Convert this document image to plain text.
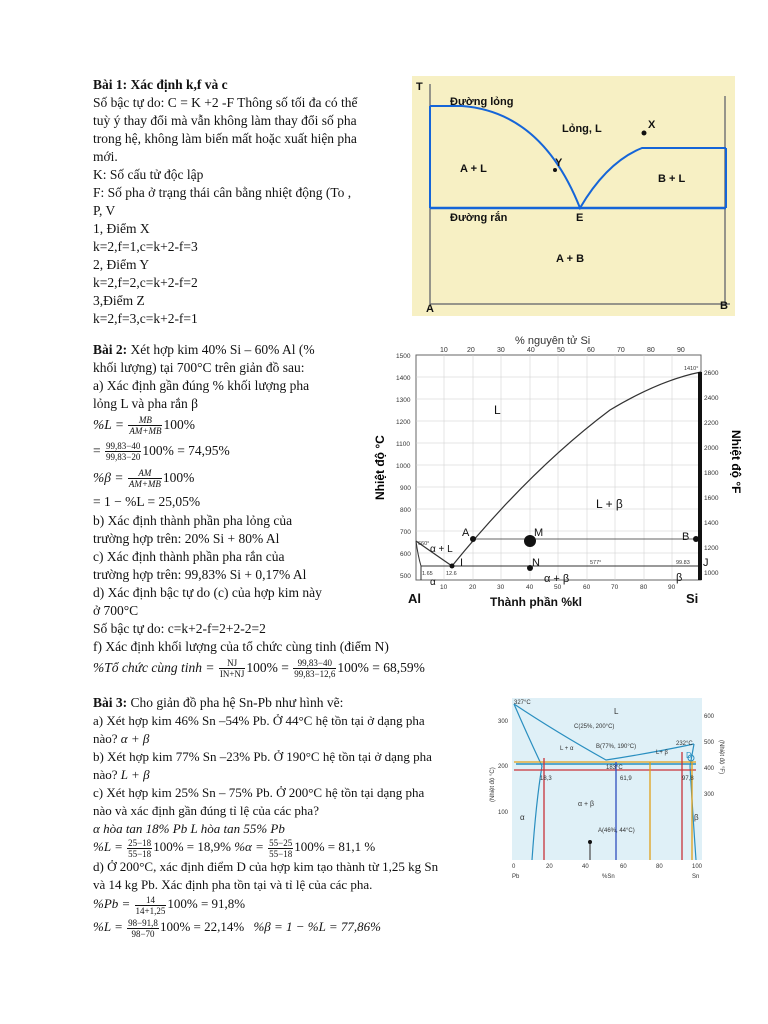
Bài 1: Xác định k,f và c
Số bậc tự do: C = K +2 -F Thông số tối đa có thể
tuỳ ý thay đổi mà vẫn không làm thay đổi số pha
trong hệ, không làm biến mất hoặc xuất hiện pha
mới.
K: Số cấu tử độc lập
F: Số pha ở trạng thái cân bằng nhiệt động (To ,
P, V
1, Điểm X
k=2,f=1,c=k+2-f=3
2, Điểm Y
k=2,f=2,c=k+2-f=2
3,Điểm Z
k=2,f=3,c=k+2-f=1
T
Đường lỏng
Lỏng, L	X
Y
A + L
B + L
Đường rắn	E
A + B
A	B
Bài 2: Xét hợp kim 40% Si – 60% Al (%
khối lượng) tại 700°C trên giản đồ sau:
a) Xác định gần đúng % khối lượng pha
lỏng L và pha rắn β
$\%L = \frac{MB}{AM+MB} 100\%$
= $\frac{99,83-40}{99,83-20} 100\% = 74,95\%$
$\%\beta = \frac{AM}{AM+MB} 100\%$
= 1 − %L = 25,05%
b) Xác định thành phần pha lỏng của
trường hợp trên: 20% Si + 80% Al
c) Xác định thành phần pha rắn của
trường hợp trên: 99,83% Si + 0,17% Al
d) Xác định bậc tự do (c) của hợp kim này
ở 700°C
Số bậc tự do: c=k+2-f=2+2-2=2
f) Xác định khối lượng của tổ chức cùng tinh (điểm N)
%Tổ chức cùng tinh = $\frac{NJ}{IN+NJ} 100\% = \frac{99,83-40}{99,83-12,6} 100\% = 68,59\%$
% nguyên tử Si
10	20	30	40	50	60	70	80	90
1500
1400
1300
1200
1100
1000
900
800
700
600
500
2600
2400
2200
2000
1800
1600
1400
1200
1000
10	20	30	40	50	60	70	80	90
L
L + β
α + L
α + β
α	β
A	M	B
I	N	J
Al	Si
Thành phần %kl
660°
1410°
577°
12.6
1.65
99.83
Nhiệt độ °C	Nhiệt độ °F
Bài 3: Cho giản đồ pha hệ Sn-Pb như hình vẽ:
a) Xét hợp kim 46% Sn –54% Pb. Ở 44°C hệ tồn tại ở dạng pha
nào? α + β
b) Xét hợp kim 77% Sn –23% Pb. Ở 190°C hệ tồn tại ở dạng pha
nào? L + β
c) Xét hợp kim 25% Sn – 75% Pb. Ở 200°C hệ tồn tại dạng pha
nào và xác định gần đúng tỉ lệ của các pha?
α hòa tan 18% Pb L hòa tan 55% Pb
$\%L = \frac{25-18}{55-18} 100\% = 18,9\%$ $\%\alpha = \frac{55-25}{55-18} 100\% = 81,1$ %
d) Ở 200°C, xác định điểm D của hợp kim tạo thành từ 1,25 kg Sn
và 14 kg Pb. Xác định pha tồn tại và tỉ lệ của các pha.
$\%Pb = \frac{14}{14+1,25} 100\% = 91,8\%$
$\%L = \frac{98-91,8}{98-70} 100\% = 22,14\%$ %β = 1 − %L = 77,86%
327°C
232°C
L
C(25%, 200°C)
B(77%, 190°C)
L + α
L+ β
183°C
18,3	61,9	97,8
α + β
A(46%, 44°C)
α	β
D
300
200
100
600
500
400
300
0	20	40	60	80	100
Pb	%Sn	Sn
(Nhiệt độ °C)
(Nhiệt độ °F)
